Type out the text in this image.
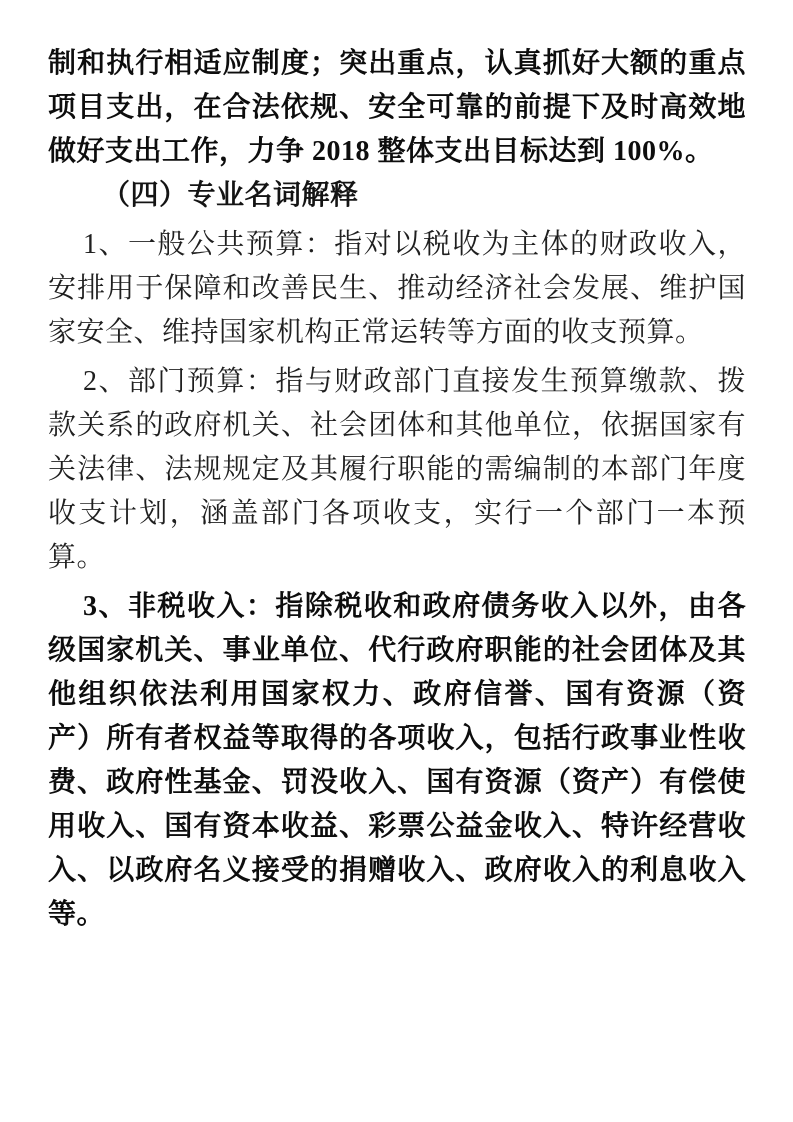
制和执行相适应制度；突出重点，认真抓好大额的重点项目支出，在合法依规、安全可靠的前提下及时高效地做好支出工作，力争 2018 整体支出目标达到 100%。

（四）专业名词解释

1、一般公共预算：指对以税收为主体的财政收入，安排用于保障和改善民生、推动经济社会发展、维护国家安全、维持国家机构正常运转等方面的收支预算。

2、部门预算：指与财政部门直接发生预算缴款、拨款关系的政府机关、社会团体和其他单位，依据国家有关法律、法规规定及其履行职能的需编制的本部门年度收支计划，涵盖部门各项收支，实行一个部门一本预算。

3、非税收入：指除税收和政府债务收入以外，由各级国家机关、事业单位、代行政府职能的社会团体及其他组织依法利用国家权力、政府信誉、国有资源（资产）所有者权益等取得的各项收入，包括行政事业性收费、政府性基金、罚没收入、国有资源（资产）有偿使用收入、国有资本收益、彩票公益金收入、特许经营收入、以政府名义接受的捐赠收入、政府收入的利息收入等。
